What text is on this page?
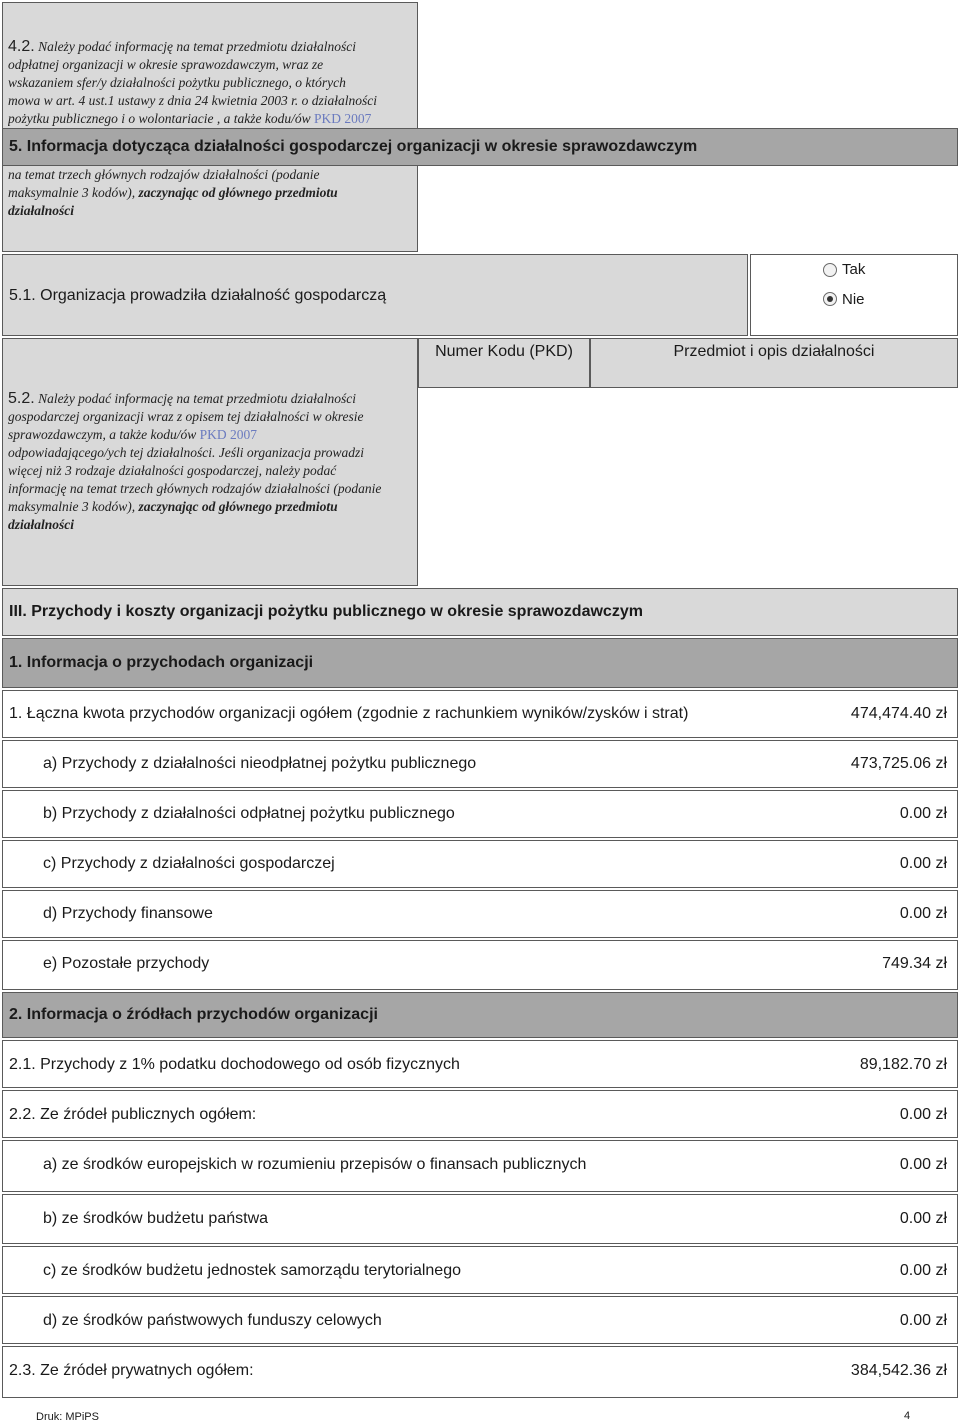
4.2. Należy podać informację na temat przedmiotu działalności
odpłatnej organizacji w okresie sprawozdawczym, wraz ze
wskazaniem sfer/y działalności pożytku publicznego, o których
mowa w art. 4 ust.1 ustawy z dnia 24 kwietnia 2003 r. o działalności
pożytku publicznego i o wolontariacie , a także kodu/ów PKD 2007
5. Informacja dotycząca działalności gospodarczej organizacji w okresie sprawozdawczym
na temat trzech głównych rodzajów działalności (podanie
maksymalnie 3 kodów), zaczynając od głównego przedmiotu
działalności
5.1. Organizacja prowadziła działalność gospodarczą
Tak
Nie
5.2. Należy podać informację na temat przedmiotu działalności
gospodarczej organizacji wraz z opisem tej działalności w okresie
sprawozdawczym, a także kodu/ów PKD 2007
odpowiadającego/ych tej działalności. Jeśli organizacja prowadzi
więcej niż 3 rodzaje działalności gospodarczej, należy podać
informację na temat trzech głównych rodzajów działalności (podanie
maksymalnie 3 kodów), zaczynając od głównego przedmiotu
działalności
Numer Kodu (PKD)	Przedmiot i opis działalności
III. Przychody i koszty organizacji pożytku publicznego w okresie sprawozdawczym
1. Informacja o przychodach organizacji
1. Łączna kwota przychodów organizacji ogółem (zgodnie z rachunkiem wyników/zysków i strat)	474,474.40 zł
a) Przychody z działalności nieodpłatnej pożytku publicznego	473,725.06 zł
b) Przychody z działalności odpłatnej pożytku publicznego	0.00 zł
c) Przychody z działalności gospodarczej	0.00 zł
d) Przychody finansowe	0.00 zł
e) Pozostałe przychody	749.34 zł
2. Informacja o źródłach przychodów organizacji
2.1. Przychody z 1% podatku dochodowego od osób fizycznych	89,182.70 zł
2.2. Ze źródeł publicznych ogółem:	0.00 zł
a) ze środków europejskich w rozumieniu przepisów o finansach publicznych	0.00 zł
b) ze środków budżetu państwa	0.00 zł
c) ze środków budżetu jednostek samorządu terytorialnego	0.00 zł
d) ze środków państwowych funduszy celowych	0.00 zł
2.3. Ze źródeł prywatnych ogółem:	384,542.36 zł
Druk: MPiPS	4
